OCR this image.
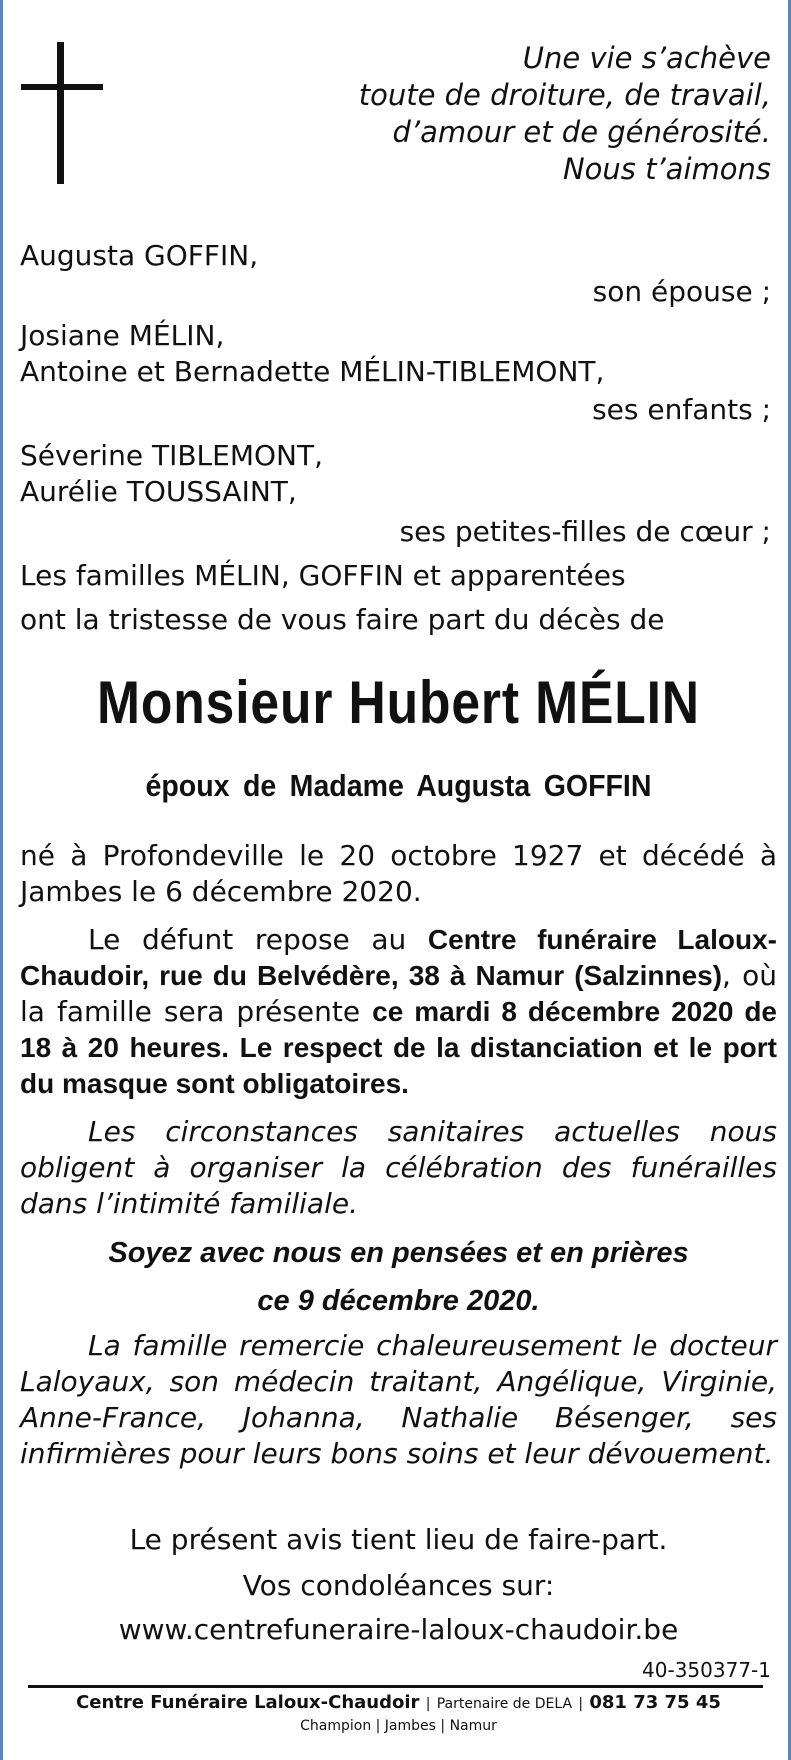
Une vie s’achève
toute de droiture, de travail,
d’amour et de générosité.
Nous t’aimons
Augusta GOFFIN,
son épouse ;
Josiane MÉLIN,
Antoine et Bernadette MÉLIN-TIBLEMONT,
ses enfants ;
Séverine TIBLEMONT,
Aurélie TOUSSAINT,
ses petites-filles de cœur ;
Les familles MÉLIN, GOFFIN et apparentées
ont la tristesse de vous faire part du décès de
Monsieur Hubert MÉLIN
époux de Madame Augusta GOFFIN
né à Profondeville le 20 octobre 1927 et décédé à Jambes le 6 décembre 2020.
Le défunt repose au Centre funéraire Laloux-Chaudoir, rue du Belvédère, 38 à Namur (Salzinnes), où la famille sera présente ce mardi 8 décembre 2020 de 18 à 20 heures. Le respect de la distanciation et le port du masque sont obligatoires.
Les circonstances sanitaires actuelles nous obligent à organiser la célébration des funérailles dans l’intimité familiale.
Soyez avec nous en pensées et en prières
ce 9 décembre 2020.
La famille remercie chaleureusement le docteur Laloyaux, son médecin traitant, Angélique, Virginie, Anne-France, Johanna, Nathalie Bésenger, ses infirmières pour leurs bons soins et leur dévouement.
Le présent avis tient lieu de faire-part.
Vos condoléances sur:
www.centrefuneraire-laloux-chaudoir.be
40-350377-1
Centre Funéraire Laloux-Chaudoir | Partenaire de DELA | 081 73 75 45
Champion | Jambes | Namur
